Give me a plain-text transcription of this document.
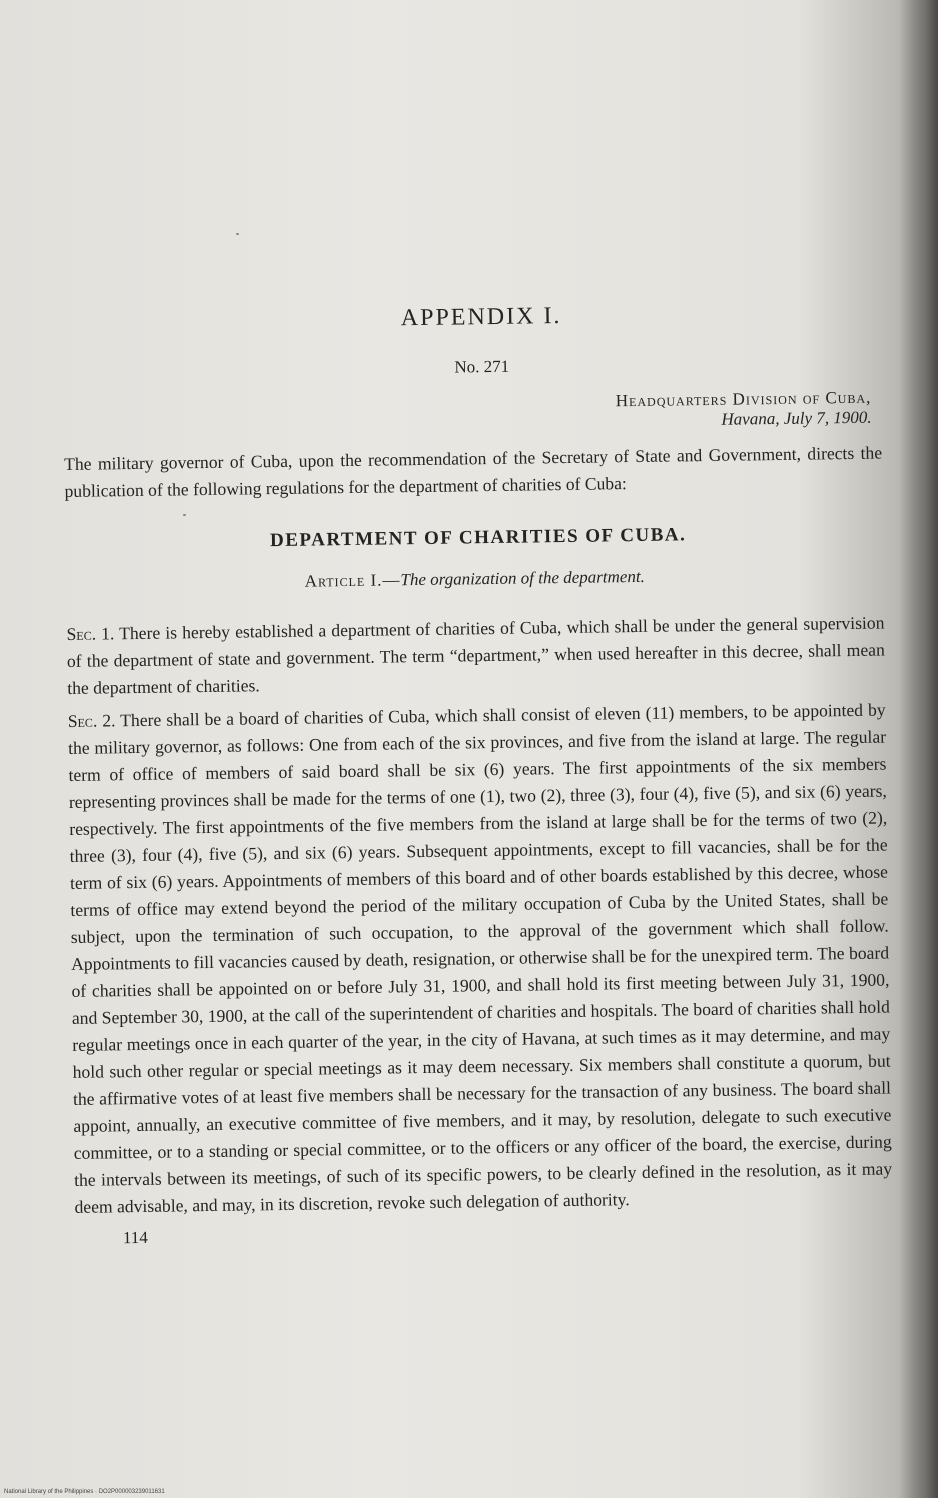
APPENDIX I.

No. 271

Headquarters Division of Cuba,

Havana, July 7, 1900.

The military governor of Cuba, upon the recommendation of the Secretary of State and Government, directs the publication of the following regulations for the department of charities of Cuba:

DEPARTMENT OF CHARITIES OF CUBA.

Article I.—The organization of the department.

Sec. 1. There is hereby established a department of charities of Cuba, which shall be under the general supervision of the department of state and government. The term “department,” when used hereafter in this decree, shall mean the department of charities.

Sec. 2. There shall be a board of charities of Cuba, which shall consist of eleven (11) members, to be appointed by the military governor, as follows: One from each of the six provinces, and five from the island at large. The regular term of office of members of said board shall be six (6) years. The first appointments of the six members representing provinces shall be made for the terms of one (1), two (2), three (3), four (4), five (5), and six (6) years, respectively. The first appointments of the five members from the island at large shall be for the terms of two (2), three (3), four (4), five (5), and six (6) years. Subsequent appointments, except to fill vacancies, shall be for the term of six (6) years. Appointments of members of this board and of other boards established by this decree, whose terms of office may extend beyond the period of the military occupation of Cuba by the United States, shall be subject, upon the termination of such occupation, to the approval of the government which shall follow. Appointments to fill vacancies caused by death, resignation, or otherwise shall be for the unexpired term. The board of charities shall be appointed on or before July 31, 1900, and shall hold its first meeting between July 31, 1900, and September 30, 1900, at the call of the superintendent of charities and hospitals. The board of charities shall hold regular meetings once in each quarter of the year, in the city of Havana, at such times as it may determine, and may hold such other regular or special meetings as it may deem necessary. Six members shall constitute a quorum, but the affirmative votes of at least five members shall be necessary for the transaction of any business. The board shall appoint, annually, an executive committee of five members, and it may, by resolution, delegate to such executive committee, or to a standing or special committee, or to the officers or any officer of the board, the exercise, during the intervals between its meetings, of such of its specific powers, to be clearly defined in the resolution, as it may deem advisable, and may, in its discretion, revoke such delegation of authority.

114

National Library of the Philippines · DO2P000003239011631
